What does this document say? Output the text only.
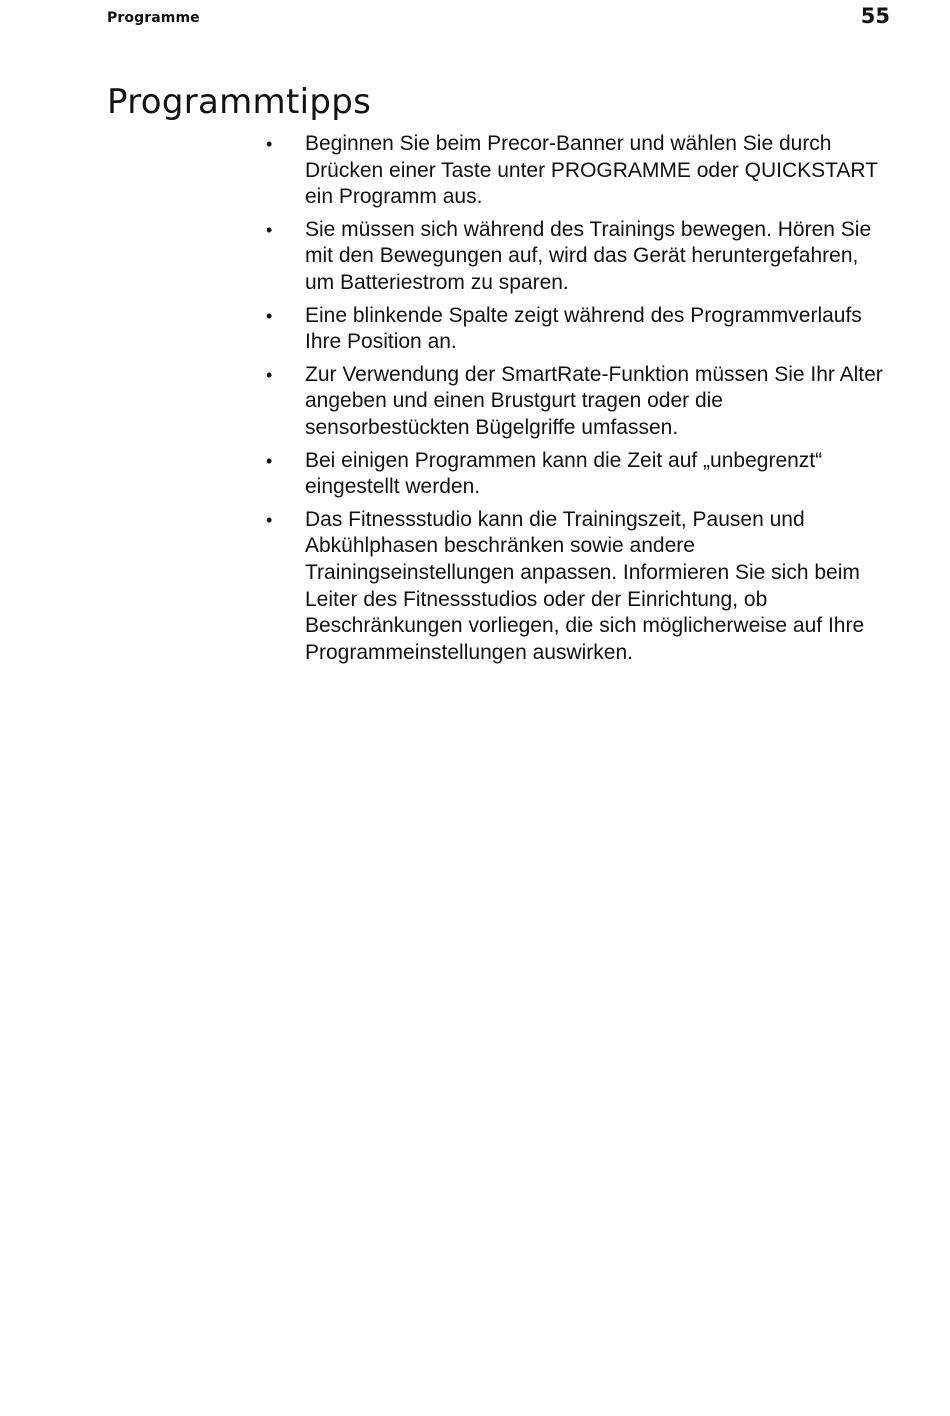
Programme	55
Programmtipps
• Beginnen Sie beim Precor-Banner und wählen Sie durch Drücken einer Taste unter PROGRAMME oder QUICKSTART ein Programm aus.
• Sie müssen sich während des Trainings bewegen. Hören Sie mit den Bewegungen auf, wird das Gerät heruntergefahren, um Batteriestrom zu sparen.
• Eine blinkende Spalte zeigt während des Programmverlaufs Ihre Position an.
• Zur Verwendung der SmartRate-Funktion müssen Sie Ihr Alter angeben und einen Brustgurt tragen oder die sensorbestückten Bügelgriffe umfassen.
• Bei einigen Programmen kann die Zeit auf „unbegrenzt“ eingestellt werden.
• Das Fitnessstudio kann die Trainingszeit, Pausen und Abkühlphasen beschränken sowie andere Trainingseinstellungen anpassen. Informieren Sie sich beim Leiter des Fitnessstudios oder der Einrichtung, ob Beschränkungen vorliegen, die sich möglicherweise auf Ihre Programmeinstellungen auswirken.
